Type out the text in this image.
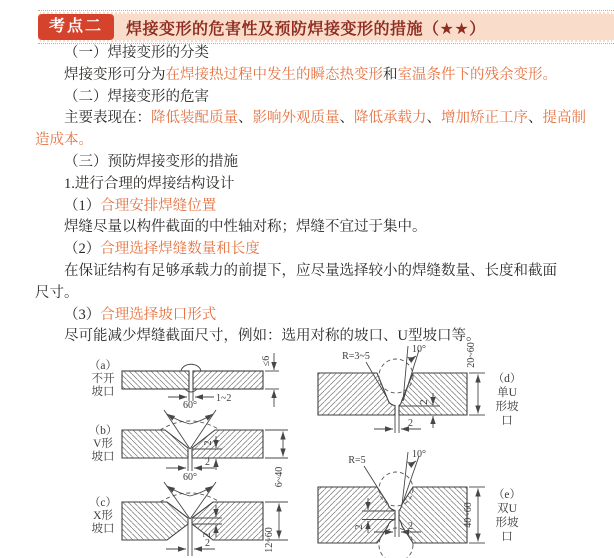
考点二	焊接变形的危害性及预防焊接变形的措施（★★）

（一）焊接变形的分类

焊接变形可分为在焊接热过程中发生的瞬态热变形和室温条件下的残余变形。

（二）焊接变形的危害

主要表现在：降低装配质量、影响外观质量、降低承载力、增加矫正工序、提高制

造成本。

（三）预防焊接变形的措施

1.进行合理的焊接结构设计

（1）合理安排焊缝位置

焊缝尽量以构件截面的中性轴对称；焊缝不宜过于集中。

（2）合理选择焊缝数量和长度

在保证结构有足够承载力的前提下，应尽量选择较小的焊缝数量、长度和截面

尺寸。

（3）合理选择坡口形式

尽可能减少焊缝截面尺寸，例如：选用对称的坡口、U型坡口等。

1~2
≤6
（a）
不开
坡口
60°
2
2
6~40
（b）
V形
坡口
60°
2
2	12~60
（c）
X形
坡口
10°
R=3~5
2
2
20~60
（d）
单U
形坡
口
10°
R=5
2	2	40~60
（e）
双U
形坡
口
